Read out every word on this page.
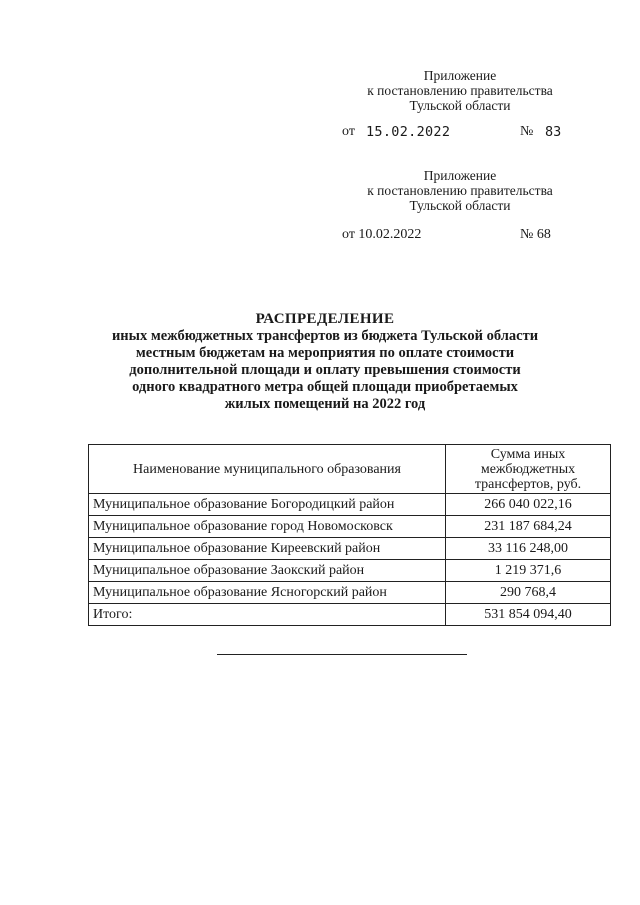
Приложение
к постановлению правительства
Тульской области
от 15.02.2022	№ 83
Приложение
к постановлению правительства
Тульской области
от 10.02.2022	№ 68
РАСПРЕДЕЛЕНИЕ
иных межбюджетных трансфертов из бюджета Тульской области
местным бюджетам на мероприятия по оплате стоимости
дополнительной площади и оплату превышения стоимости
одного квадратного метра общей площади приобретаемых
жилых помещений на 2022 год
Наименование муниципального образования	Сумма иных
межбюджетных
трансфертов, руб.

Муниципальное образование Богородицкий район	266 040 022,16
Муниципальное образование город Новомосковск	231 187 684,24
Муниципальное образование Киреевский район	33 116 248,00
Муниципальное образование Заокский район	1 219 371,6
Муниципальное образование Ясногорский район	290 768,4
Итого:	531 854 094,40
